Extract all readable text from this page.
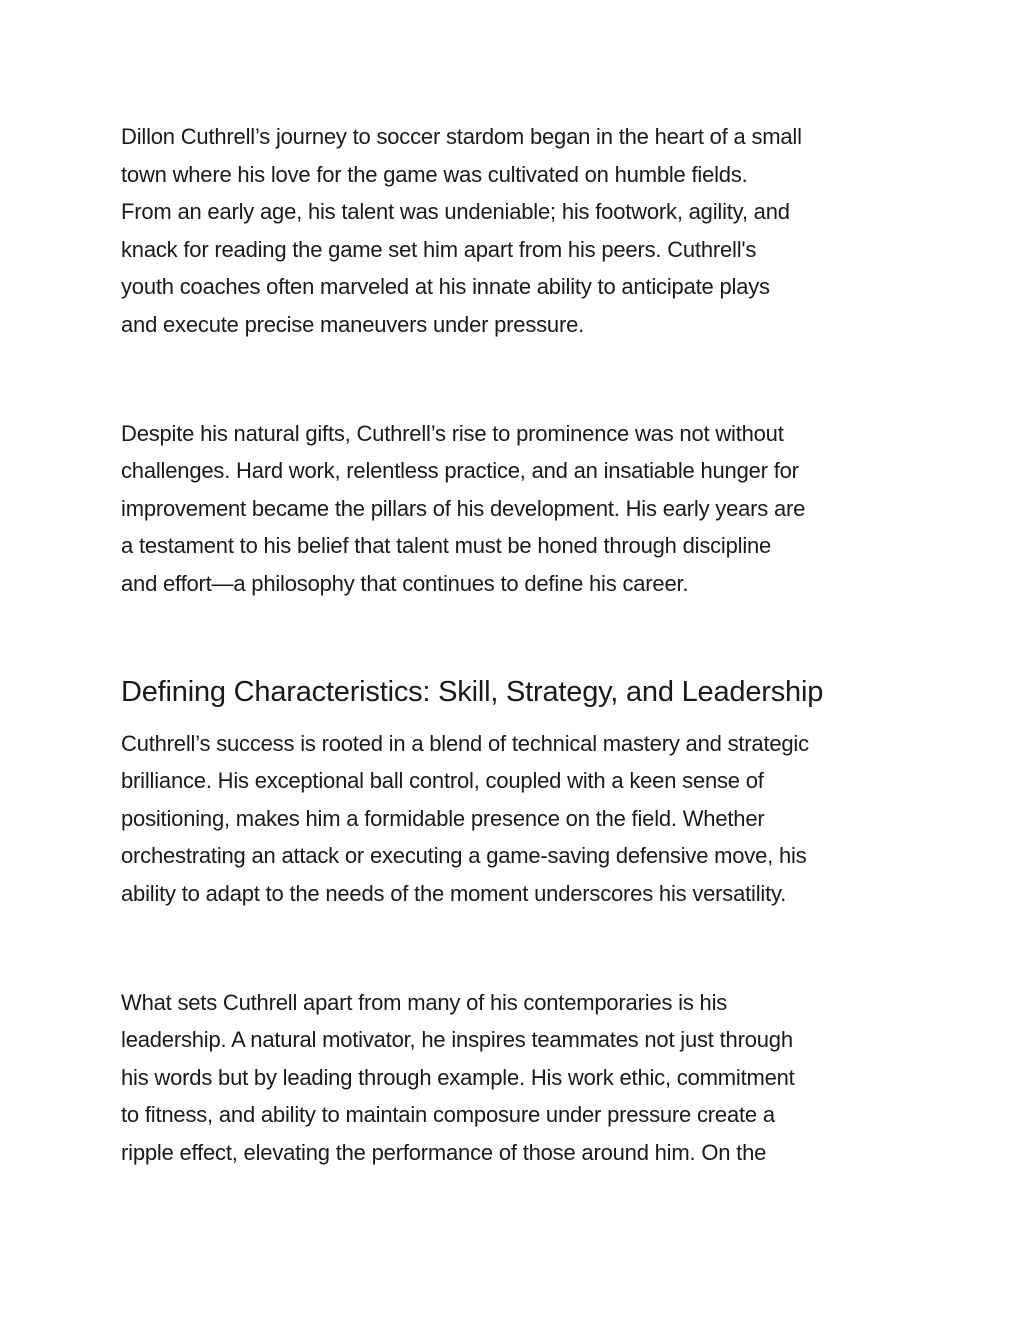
Dillon Cuthrell’s journey to soccer stardom began in the heart of a small
town where his love for the game was cultivated on humble fields.
From an early age, his talent was undeniable; his footwork, agility, and
knack for reading the game set him apart from his peers. Cuthrell's
youth coaches often marveled at his innate ability to anticipate plays
and execute precise maneuvers under pressure.

Despite his natural gifts, Cuthrell’s rise to prominence was not without
challenges. Hard work, relentless practice, and an insatiable hunger for
improvement became the pillars of his development. His early years are
a testament to his belief that talent must be honed through discipline
and effort—a philosophy that continues to define his career.

Defining Characteristics: Skill, Strategy, and Leadership

Cuthrell’s success is rooted in a blend of technical mastery and strategic
brilliance. His exceptional ball control, coupled with a keen sense of
positioning, makes him a formidable presence on the field. Whether
orchestrating an attack or executing a game-saving defensive move, his
ability to adapt to the needs of the moment underscores his versatility.

What sets Cuthrell apart from many of his contemporaries is his
leadership. A natural motivator, he inspires teammates not just through
his words but by leading through example. His work ethic, commitment
to fitness, and ability to maintain composure under pressure create a
ripple effect, elevating the performance of those around him. On the
